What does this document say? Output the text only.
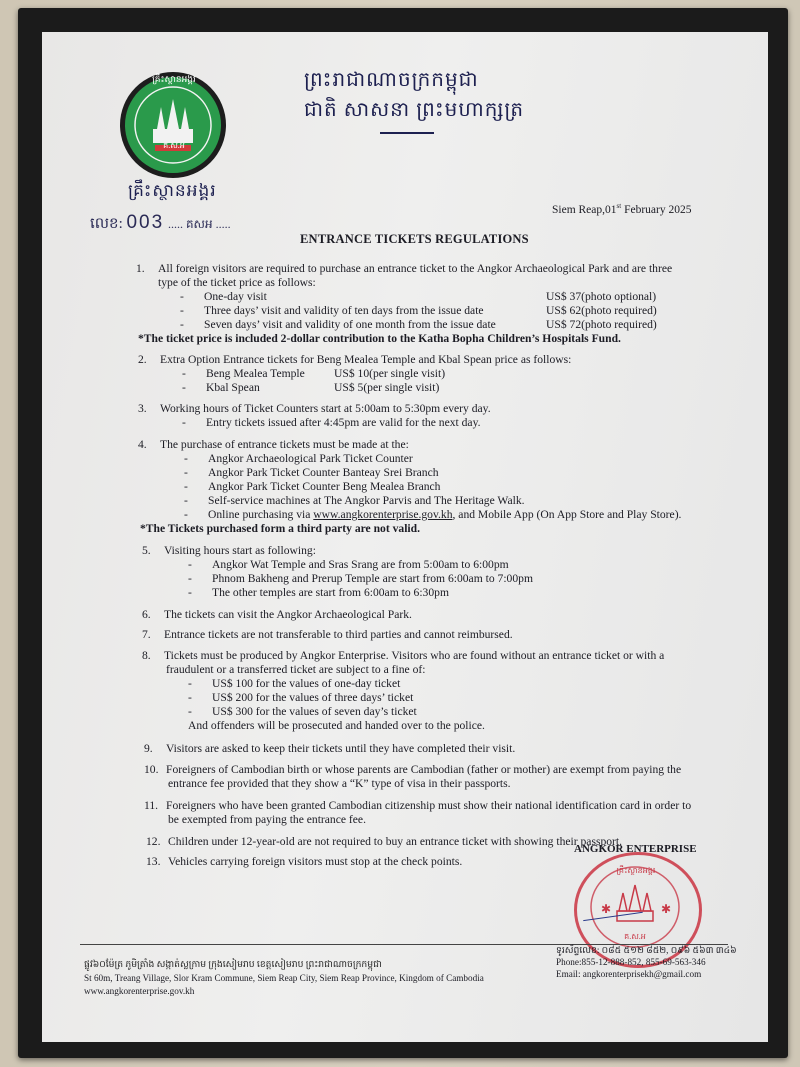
គ្រឹះស្ថានអង្គរ
គ.ស.អ
គ្រឹះស្ថានអង្គរ
ព្រះរាជាណាចក្រកម្ពុជា
ជាតិ សាសនា ព្រះមហាក្សត្រ
លេខ: 003 ..... គសអ .....
Siem Reap,01st February 2025
ENTRANCE TICKETS REGULATIONS
1. All foreign visitors are required to purchase an entrance ticket to the Angkor Archaeological Park and are three
type of the ticket price as follows:
- One-day visit	US$ 37(photo optional)
- Three days’ visit and validity of ten days from the issue date	US$ 62(photo required)
- Seven days’ visit and validity of one month from the issue date	US$ 72(photo required)
*The ticket price is included 2-dollar contribution to the Katha Bopha Children’s Hospitals Fund.
2. Extra Option Entrance tickets for Beng Mealea Temple and Kbal Spean price as follows:
- Beng Mealea Temple	US$ 10(per single visit)
- Kbal Spean	US$ 5(per single visit)
3. Working hours of Ticket Counters start at 5:00am to 5:30pm every day.
- Entry tickets issued after 4:45pm are valid for the next day.
4. The purchase of entrance tickets must be made at the:
- Angkor Archaeological Park Ticket Counter
- Angkor Park Ticket Counter Banteay Srei Branch
- Angkor Park Ticket Counter Beng Mealea Branch
- Self-service machines at The Angkor Parvis and The Heritage Walk.
- Online purchasing via www.angkorenterprise.gov.kh, and Mobile App (On App Store and Play Store).
*The Tickets purchased form a third party are not valid.
5. Visiting hours start as following:
- Angkor Wat Temple and Sras Srang are from 5:00am to 6:00pm
- Phnom Bakheng and Prerup Temple are start from 6:00am to 7:00pm
- The other temples are start from 6:00am to 6:30pm
6. The tickets can visit the Angkor Archaeological Park.
7. Entrance tickets are not transferable to third parties and cannot reimbursed.
8. Tickets must be produced by Angkor Enterprise. Visitors who are found without an entrance ticket or with a
fraudulent or a transferred ticket are subject to a fine of:
- US$ 100 for the values of one-day ticket
- US$ 200 for the values of three days’ ticket
- US$ 300 for the values of seven day’s ticket
And offenders will be prosecuted and handed over to the police.
9. Visitors are asked to keep their tickets until they have completed their visit.
10. Foreigners of Cambodian birth or whose parents are Cambodian (father or mother) are exempt from paying the
entrance fee provided that they show a “K” type of visa in their passports.
11. Foreigners who have been granted Cambodian citizenship must show their national identification card in order to
be exempted from paying the entrance fee.
12. Children under 12-year-old are not required to buy an entrance ticket with showing their passport.
13. Vehicles carrying foreign visitors must stop at the check points.
ANGKOR ENTERPRISE
✱	✱
គ្រឹះស្ថានអង្គរ
គ.ស.អ
ផ្លូវ៦០ម៉ែត្រ ភូមិត្រាំង សង្កាត់ស្លក្រាម ក្រុងសៀមរាប ខេត្តសៀមរាប ព្រះរាជាណាចក្រកម្ពុជា
St 60m, Treang Village, Slor Kram Commune, Siem Reap City, Siem Reap Province, Kingdom of Cambodia
www.angkorenterprise.gov.kh
ទូរស័ព្ទលេខ: ០៨៥ ៥១២ ៨៥២, ០៩៦ ៥៦៣ ៣៤៦
Phone:855-12-888-852, 855-69-563-346
Email: angkorenterprisekh@gmail.com
